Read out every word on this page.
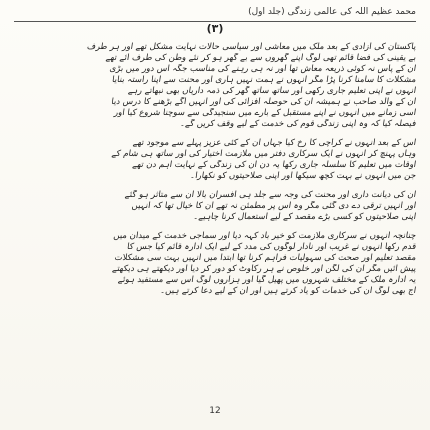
محمد عظیم اللہ کی عالمی زندگی (جلد اول)
(۳)
پاکستان کی آزادی کے بعد ملک میں معاشی اور سیاسی حالات نہایت مشکل تھے اور ہر طرف
بے یقینی کی فضا قائم تھی لوگ اپنے گھروں سے بے گھر ہو کر نئے وطن کی طرف آئے تھے
ان کے پاس نہ کوئی ذریعہ معاش تھا اور نہ ہی رہنے کی مناسب جگہ اس دور میں بڑی
مشکلات کا سامنا کرنا پڑا مگر انہوں نے ہمت نہیں ہاری اور محنت سے اپنا راستہ بنایا
انہوں نے اپنی تعلیم جاری رکھی اور ساتھ ساتھ گھر کی ذمہ داریاں بھی نبھاتے رہے
ان کے والد صاحب نے ہمیشہ ان کی حوصلہ افزائی کی اور انہیں آگے بڑھنے کا درس دیا
اسی زمانے میں انہوں نے اپنے مستقبل کے بارے میں سنجیدگی سے سوچنا شروع کیا اور
فیصلہ کیا کہ وہ اپنی زندگی قوم کی خدمت کے لیے وقف کریں گے۔
اس کے بعد انہوں نے کراچی کا رخ کیا جہاں ان کے کئی عزیز پہلے سے موجود تھے
وہاں پہنچ کر انہوں نے ایک سرکاری دفتر میں ملازمت اختیار کی اور ساتھ ہی شام کے
اوقات میں تعلیم کا سلسلہ جاری رکھا یہ دن ان کی زندگی کے نہایت اہم دن تھے
جن میں انہوں نے بہت کچھ سیکھا اور اپنی صلاحیتوں کو نکھارا۔
ان کی دیانت داری اور محنت کی وجہ سے جلد ہی افسران بالا ان سے متاثر ہو گئے
اور انہیں ترقی دے دی گئی مگر وہ اس پر مطمئن نہ تھے ان کا خیال تھا کہ انہیں
اپنی صلاحیتوں کو کسی بڑے مقصد کے لیے استعمال کرنا چاہیے۔
چنانچہ انہوں نے سرکاری ملازمت کو خیر باد کہہ دیا اور سماجی خدمت کے میدان میں
قدم رکھا انہوں نے غریب اور نادار لوگوں کی مدد کے لیے ایک ادارہ قائم کیا جس کا
مقصد تعلیم اور صحت کی سہولیات فراہم کرنا تھا ابتدا میں انہیں بہت سی مشکلات
پیش آئیں مگر ان کی لگن اور خلوص نے ہر رکاوٹ کو دور کر دیا اور دیکھتے ہی دیکھتے
یہ ادارہ ملک کے مختلف شہروں میں پھیل گیا اور ہزاروں لوگ اس سے مستفید ہوئے
آج بھی لوگ ان کی خدمات کو یاد کرتے ہیں اور ان کے لیے دعا کرتے ہیں۔
12
